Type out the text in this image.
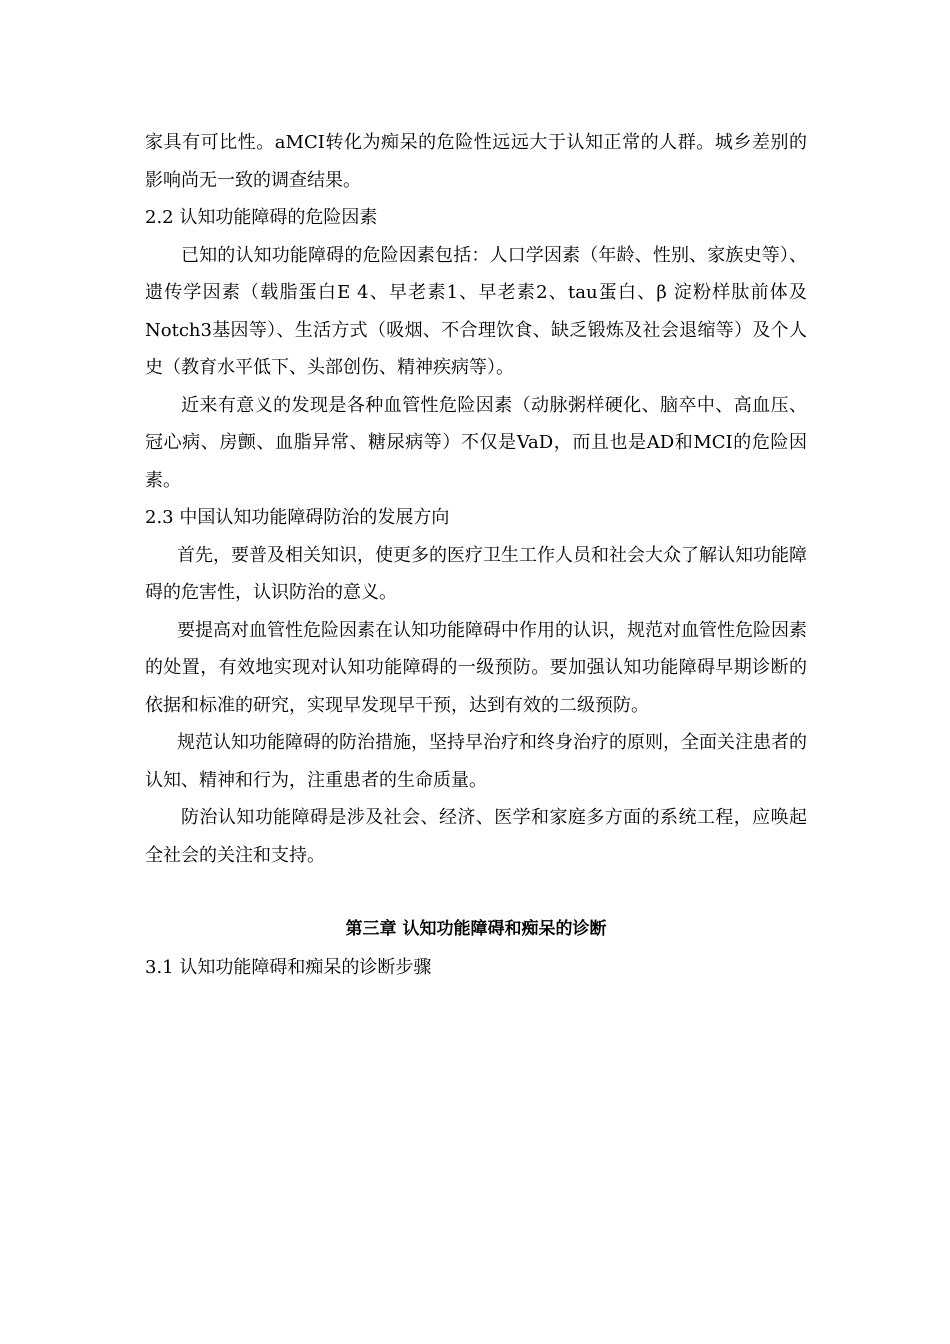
家具有可比性。aMCI转化为痴呆的危险性远远大于认知正常的人群。城乡差别的影响尚无一致的调查结果。

2.2 认知功能障碍的危险因素

已知的认知功能障碍的危险因素包括：人口学因素（年龄、性别、家族史等）、遗传学因素（载脂蛋白E 4、早老素1、早老素2、tau蛋白、β 淀粉样肽前体及Notch3基因等）、生活方式（吸烟、不合理饮食、缺乏锻炼及社会退缩等）及个人史（教育水平低下、头部创伤、精神疾病等）。

近来有意义的发现是各种血管性危险因素（动脉粥样硬化、脑卒中、高血压、冠心病、房颤、血脂异常、糖尿病等）不仅是VaD，而且也是AD和MCI的危险因素。

2.3 中国认知功能障碍防治的发展方向

首先，要普及相关知识，使更多的医疗卫生工作人员和社会大众了解认知功能障碍的危害性，认识防治的意义。

要提高对血管性危险因素在认知功能障碍中作用的认识，规范对血管性危险因素的处置，有效地实现对认知功能障碍的一级预防。要加强认知功能障碍早期诊断的依据和标准的研究，实现早发现早干预，达到有效的二级预防。

规范认知功能障碍的防治措施，坚持早治疗和终身治疗的原则，全面关注患者的认知、精神和行为，注重患者的生命质量。

防治认知功能障碍是涉及社会、经济、医学和家庭多方面的系统工程，应唤起全社会的关注和支持。

第三章 认知功能障碍和痴呆的诊断
3.1 认知功能障碍和痴呆的诊断步骤
